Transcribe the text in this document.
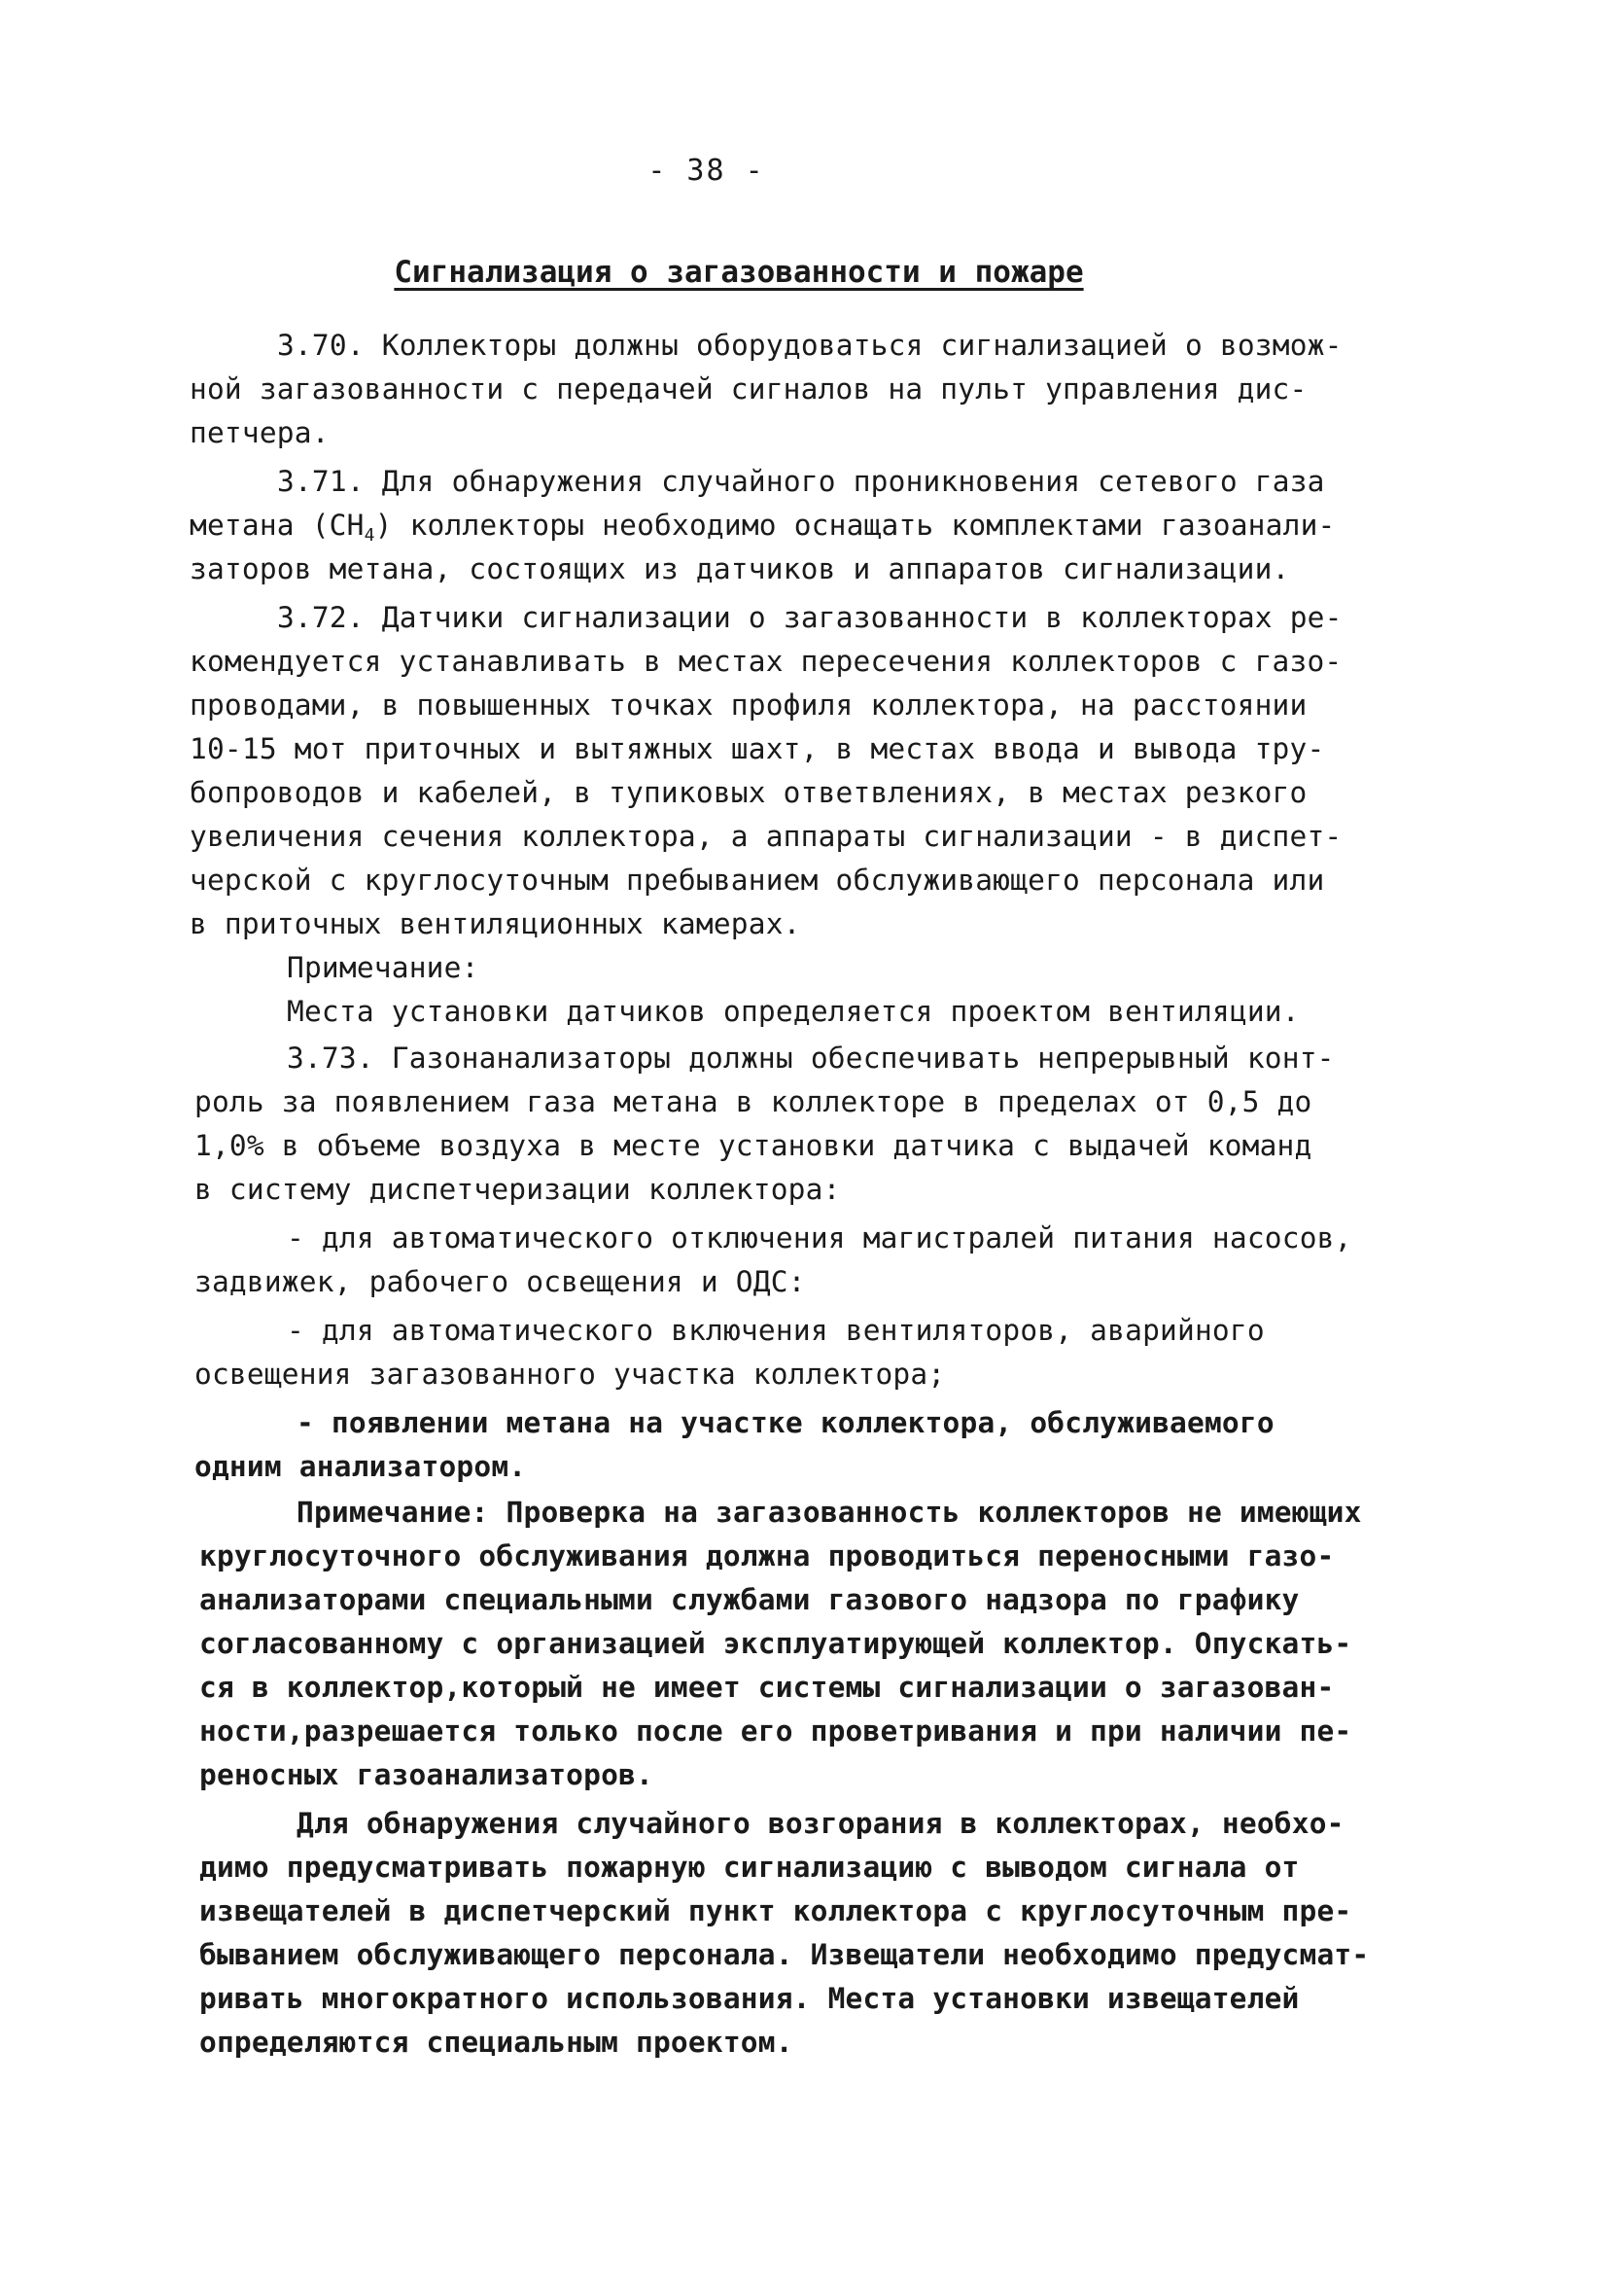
- 38 -
Сигнализация о загазованности и пожаре
3.70. Коллекторы должны оборудоваться сигнализацией о возмож-
ной загазованности с передачей сигналов на пульт управления дис-
петчера.
3.71. Для обнаружения случайного проникновения сетевого газа
метана $(CH_4)$ коллекторы необходимо оснащать комплектами газоанали-
заторов метана, состоящих из датчиков и аппаратов сигнализации.
3.72. Датчики сигнализации о загазованности в коллекторах ре-
комендуется устанавливать в местах пересечения коллекторов с газо-
проводами, в повышенных точках профиля коллектора, на расстоянии
10-15 мот приточных и вытяжных шахт, в местах ввода и вывода тру-
бопроводов и кабелей, в тупиковых ответвлениях, в местах резкого
увеличения сечения коллектора, а аппараты сигнализации - в диспет-
черской с круглосуточным пребыванием обслуживающего персонала или
в приточных вентиляционных камерах.
Примечание:
Места установки датчиков определяется проектом вентиляции.
3.73. Газонанализаторы должны обеспечивать непрерывный конт-
роль за появлением газа метана в коллекторе в пределах от 0,5 до
1,0% в объеме воздуха в месте установки датчика с выдачей команд
в систему диспетчеризации коллектора:
- для автоматического отключения магистралей питания насосов,
задвижек, рабочего освещения и ОДС:
- для автоматического включения вентиляторов, аварийного
освещения загазованного участка коллектора;
- появлении метана на участке коллектора, обслуживаемого
одним анализатором.
Примечание: Проверка на загазованность коллекторов не имеющих
круглосуточного обслуживания должна проводиться переносными газо-
анализаторами специальными службами газового надзора по графику
согласованному с организацией эксплуатирующей коллектор. Опускать-
ся в коллектор,который не имеет системы сигнализации о загазован-
ности,разрешается только после его проветривания и при наличии пе-
реносных газоанализаторов.
Для обнаружения случайного возгорания в коллекторах, необхо-
димо предусматривать пожарную сигнализацию с выводом сигнала от
извещателей в диспетчерский пункт коллектора с круглосуточным пре-
быванием обслуживающего персонала. Извещатели необходимо предусмат-
ривать многократного использования. Места установки извещателей
определяются специальным проектом.
